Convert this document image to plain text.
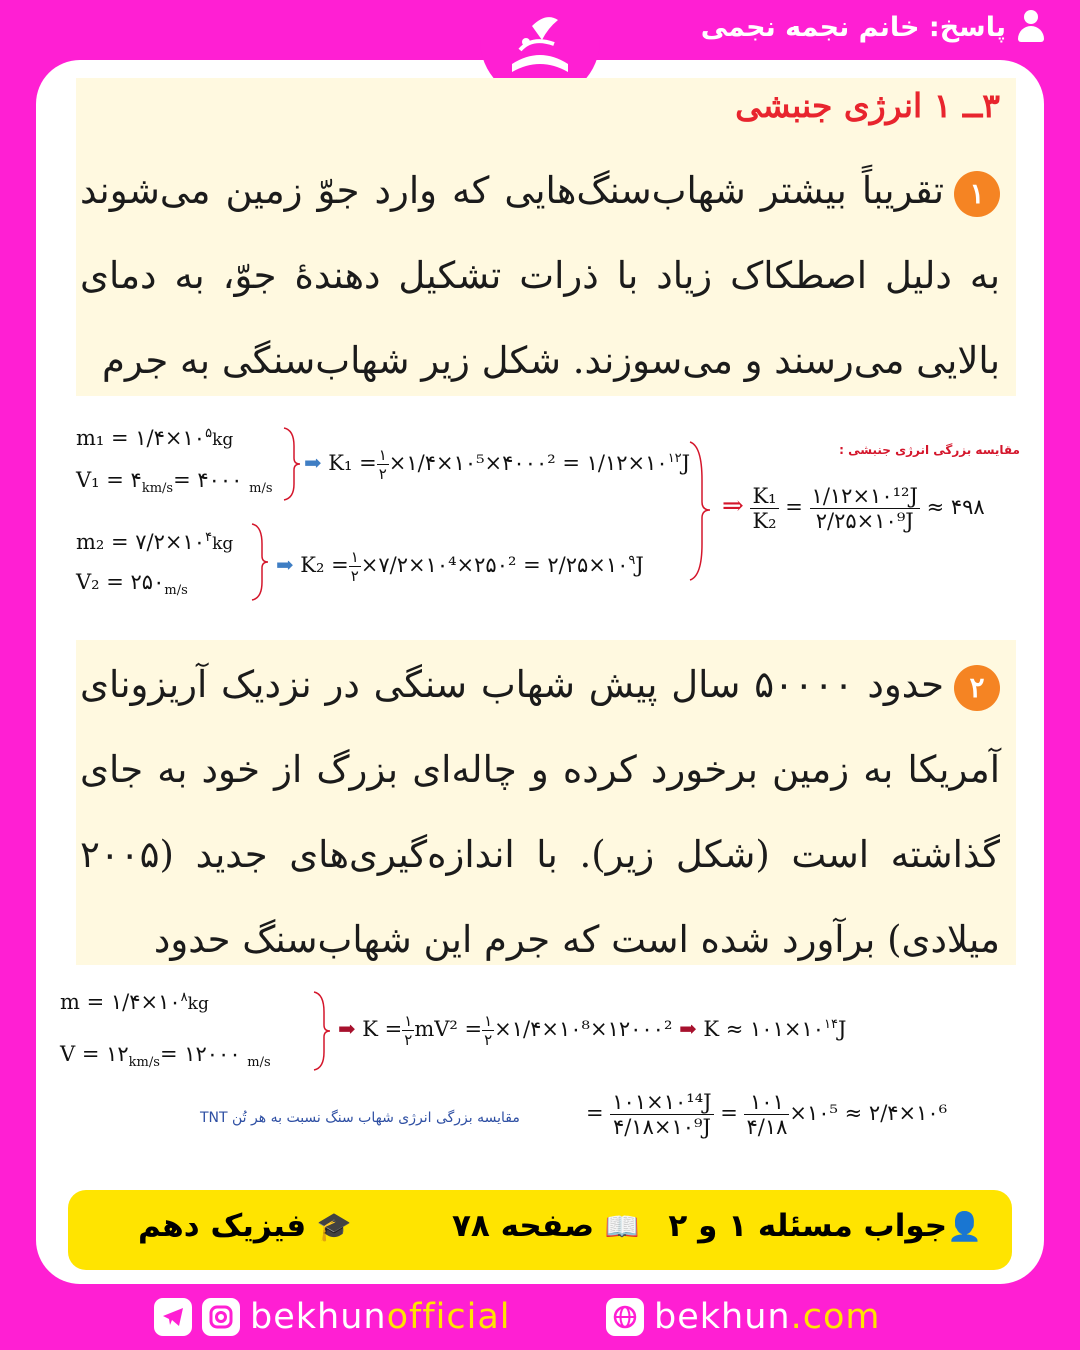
پاسخ: خانم نجمه نجمی
۳ــ ۱ انرژی جنبشی
۱تقریباً بیشتر شهاب‌سنگ‌هایی که وارد جوّ زمین می‌شوند به دلیل اصطکاک زیاد با ذرات تشکیل دهندۀ جوّ، به دمای بالایی می‌رسند و می‌سوزند. شکل زیر شهاب‌سنگی به جرم
$m_1 = ۱/۴\times ۱۰^۵kg$
$V_1 = ۴_{km/s}=$ ۴۰۰۰ $_{m/s}$
➡ $K_1 = \frac{۱}{۲}$ ×۱/۴×۱۰⁵×۴۰۰۰² = $۱/۱۲\times ۱۰^{۱۲}J$
$m_2 = ۷/۲\times ۱۰^۴kg$
$V_2 = ۲۵۰_{m/s}$
➡ $K_2 = \frac{۱}{۲}$ ×۷/۲×۱۰⁴×۲۵۰² = $۲/۲۵\times ۱۰^۹J$
مقایسه بزرگی انرژی جنبشی :
⇒ $\frac{\text{K₁}}{\text{K₂}} = \frac{\text{۱/۱۲×۱۰¹²J}}{\text{۲/۲۵×۱۰⁹J}}$ ≈ ۴۹۸
۲حدود ۵۰۰۰۰ سال پیش شهاب سنگی در نزدیک آریزونای آمریکا به زمین برخورد کرده و چاله‌ای بزرگ از خود به جای گذاشته است (شکل زیر). با اندازه‌گیری‌های جدید (۲۰۰۵ میلادی) برآورد شده است که جرم این شهاب‌سنگ حدود
$m = ۱/۴\times ۱۰^۸kg$
$V = ۱۲_{km/s}=$ ۱۲۰۰۰ $_{m/s}$
➡ $K = \frac{۱}{۲} mV^2 = \frac{۱}{۲}$ ×۱/۴×۱۰⁸×۱۲۰۰۰² ➡ $K \approx ۱۰۱\times ۱۰^{۱۴}J$
مقایسه بزرگی انرژی شهاب سنگ نسبت به هر تُن TNT	= $\frac{\text{۱۰۱×۱۰¹⁴J}}{\text{۴/۱۸×۱۰⁹J}} = \frac{۱۰۱}{۴/۱۸}$ ×۱۰⁵ ≈ ۲/۴×۱۰⁶
👤جواب مسئله ۱ و ۲
📖 صفحه ۷۸
🎓 فیزیک دهم
bekhunofficial	bekhun.com
